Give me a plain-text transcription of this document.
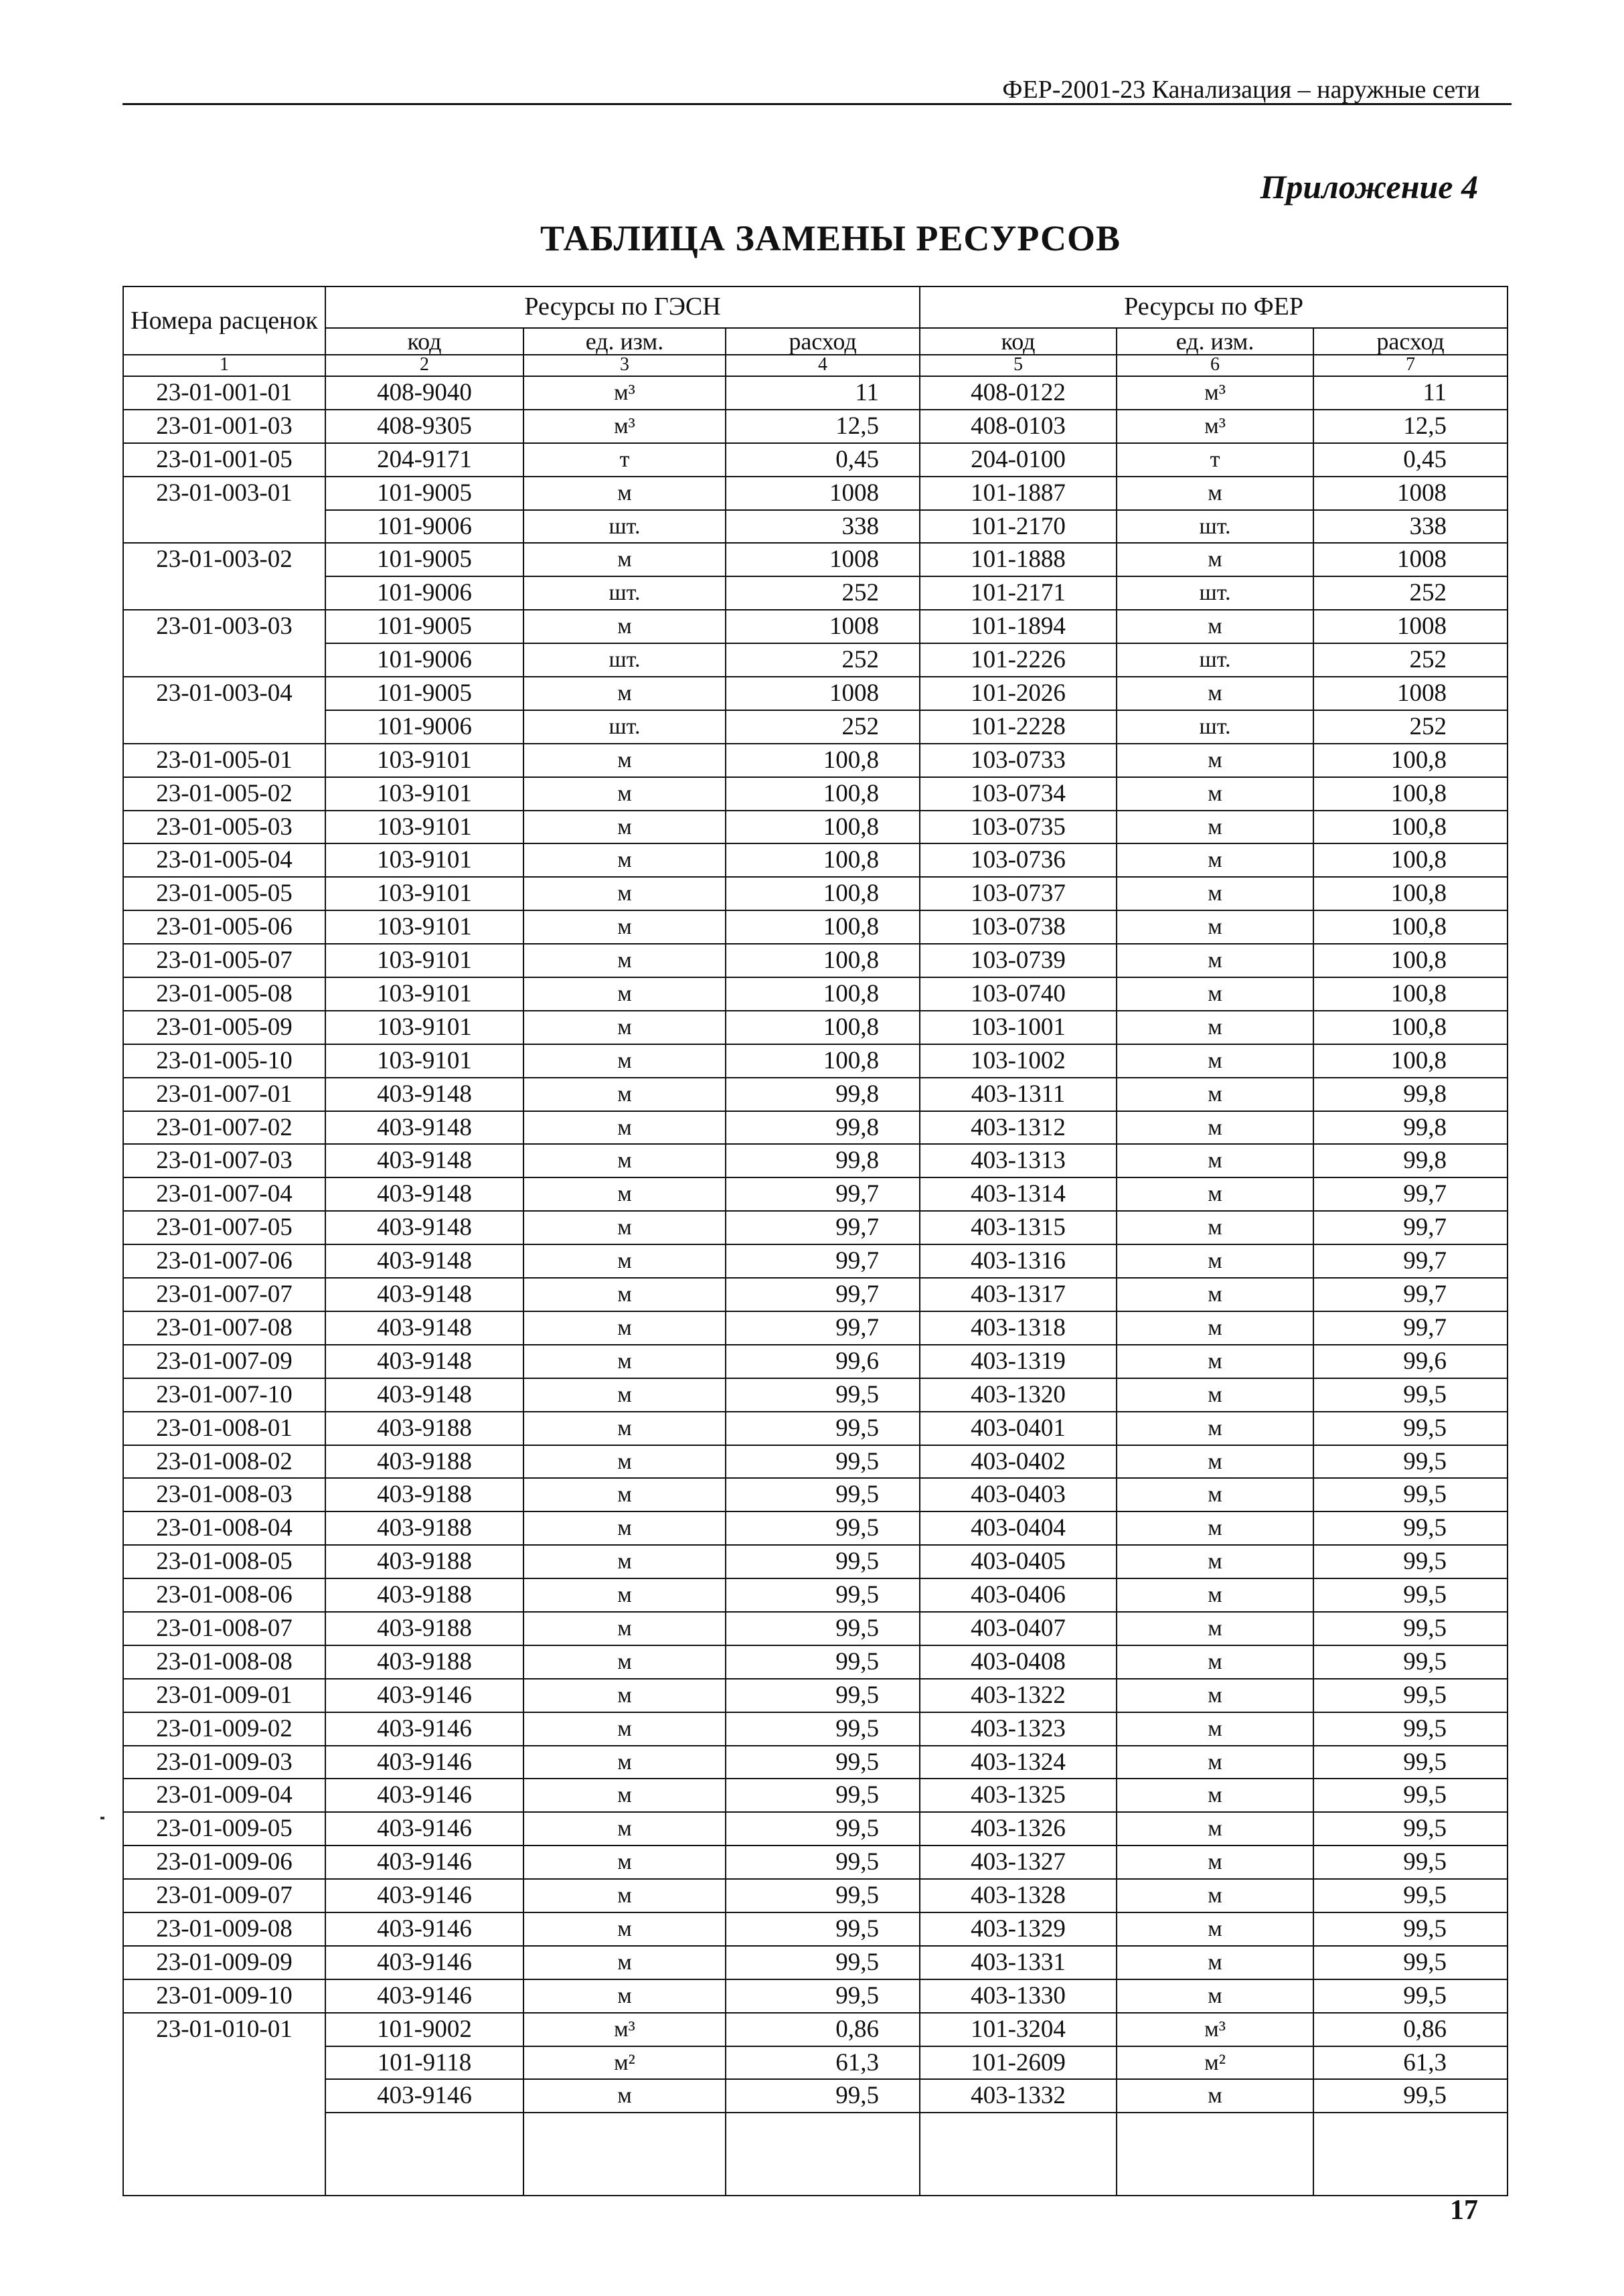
ФЕР-2001-23 Канализация – наружные сети
Приложение 4
ТАБЛИЦА ЗАМЕНЫ РЕСУРСОВ
Номера расценок	Ресурсы по ГЭСН			Ресурсы по ФЕР		
	код	ед. изм.	расход	код	ед. изм.	расход
1	2	3	4	5	6	7
23-01-001-01	408-9040	м³	11	408-0122	м³	11
23-01-001-03	408-9305	м³	12,5	408-0103	м³	12,5
23-01-001-05	204-9171	т	0,45	204-0100	т	0,45
23-01-003-01	101-9005	м	1008	101-1887	м	1008
	101-9006	шт.	338	101-2170	шт.	338
23-01-003-02	101-9005	м	1008	101-1888	м	1008
	101-9006	шт.	252	101-2171	шт.	252
23-01-003-03	101-9005	м	1008	101-1894	м	1008
	101-9006	шт.	252	101-2226	шт.	252
23-01-003-04	101-9005	м	1008	101-2026	м	1008
	101-9006	шт.	252	101-2228	шт.	252
23-01-005-01	103-9101	м	100,8	103-0733	м	100,8
23-01-005-02	103-9101	м	100,8	103-0734	м	100,8
23-01-005-03	103-9101	м	100,8	103-0735	м	100,8
23-01-005-04	103-9101	м	100,8	103-0736	м	100,8
23-01-005-05	103-9101	м	100,8	103-0737	м	100,8
23-01-005-06	103-9101	м	100,8	103-0738	м	100,8
23-01-005-07	103-9101	м	100,8	103-0739	м	100,8
23-01-005-08	103-9101	м	100,8	103-0740	м	100,8
23-01-005-09	103-9101	м	100,8	103-1001	м	100,8
23-01-005-10	103-9101	м	100,8	103-1002	м	100,8
23-01-007-01	403-9148	м	99,8	403-1311	м	99,8
23-01-007-02	403-9148	м	99,8	403-1312	м	99,8
23-01-007-03	403-9148	м	99,8	403-1313	м	99,8
23-01-007-04	403-9148	м	99,7	403-1314	м	99,7
23-01-007-05	403-9148	м	99,7	403-1315	м	99,7
23-01-007-06	403-9148	м	99,7	403-1316	м	99,7
23-01-007-07	403-9148	м	99,7	403-1317	м	99,7
23-01-007-08	403-9148	м	99,7	403-1318	м	99,7
23-01-007-09	403-9148	м	99,6	403-1319	м	99,6
23-01-007-10	403-9148	м	99,5	403-1320	м	99,5
23-01-008-01	403-9188	м	99,5	403-0401	м	99,5
23-01-008-02	403-9188	м	99,5	403-0402	м	99,5
23-01-008-03	403-9188	м	99,5	403-0403	м	99,5
23-01-008-04	403-9188	м	99,5	403-0404	м	99,5
23-01-008-05	403-9188	м	99,5	403-0405	м	99,5
23-01-008-06	403-9188	м	99,5	403-0406	м	99,5
23-01-008-07	403-9188	м	99,5	403-0407	м	99,5
23-01-008-08	403-9188	м	99,5	403-0408	м	99,5
23-01-009-01	403-9146	м	99,5	403-1322	м	99,5
23-01-009-02	403-9146	м	99,5	403-1323	м	99,5
23-01-009-03	403-9146	м	99,5	403-1324	м	99,5
23-01-009-04	403-9146	м	99,5	403-1325	м	99,5
23-01-009-05	403-9146	м	99,5	403-1326	м	99,5
23-01-009-06	403-9146	м	99,5	403-1327	м	99,5
23-01-009-07	403-9146	м	99,5	403-1328	м	99,5
23-01-009-08	403-9146	м	99,5	403-1329	м	99,5
23-01-009-09	403-9146	м	99,5	403-1331	м	99,5
23-01-009-10	403-9146	м	99,5	403-1330	м	99,5
23-01-010-01	101-9002	м³	0,86	101-3204	м³	0,86
	101-9118	м²	61,3	101-2609	м²	61,3
	403-9146	м	99,5	403-1332	м	99,5

17
